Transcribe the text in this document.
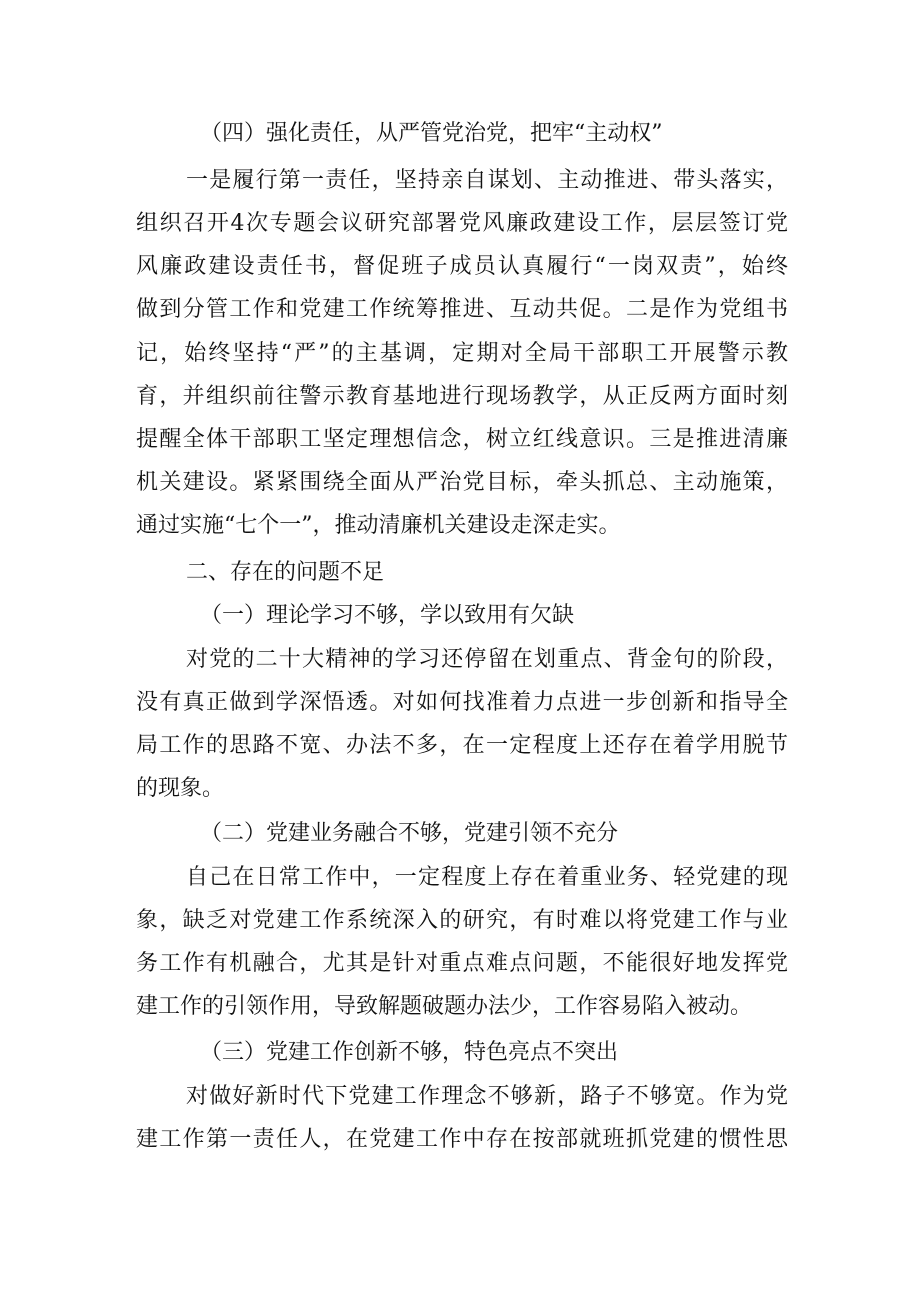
（四）强化责任，从严管党治党，把牢“主动权”
一是履行第一责任，坚持亲自谋划、主动推进、带头落实，
组织召开4次专题会议研究部署党风廉政建设工作，层层签订党
风廉政建设责任书，督促班子成员认真履行“一岗双责”，始终
做到分管工作和党建工作统筹推进、互动共促。二是作为党组书
记，始终坚持“严”的主基调，定期对全局干部职工开展警示教
育，并组织前往警示教育基地进行现场教学，从正反两方面时刻
提醒全体干部职工坚定理想信念，树立红线意识。三是推进清廉
机关建设。紧紧围绕全面从严治党目标，牵头抓总、主动施策，
通过实施“七个一”，推动清廉机关建设走深走实。
二、存在的问题不足
（一）理论学习不够，学以致用有欠缺
对党的二十大精神的学习还停留在划重点、背金句的阶段，
没有真正做到学深悟透。对如何找准着力点进一步创新和指导全
局工作的思路不宽、办法不多，在一定程度上还存在着学用脱节
的现象。
（二）党建业务融合不够，党建引领不充分
自己在日常工作中，一定程度上存在着重业务、轻党建的现
象，缺乏对党建工作系统深入的研究，有时难以将党建工作与业
务工作有机融合，尤其是针对重点难点问题，不能很好地发挥党
建工作的引领作用，导致解题破题办法少，工作容易陷入被动。
（三）党建工作创新不够，特色亮点不突出
对做好新时代下党建工作理念不够新，路子不够宽。作为党
建工作第一责任人，在党建工作中存在按部就班抓党建的惯性思
